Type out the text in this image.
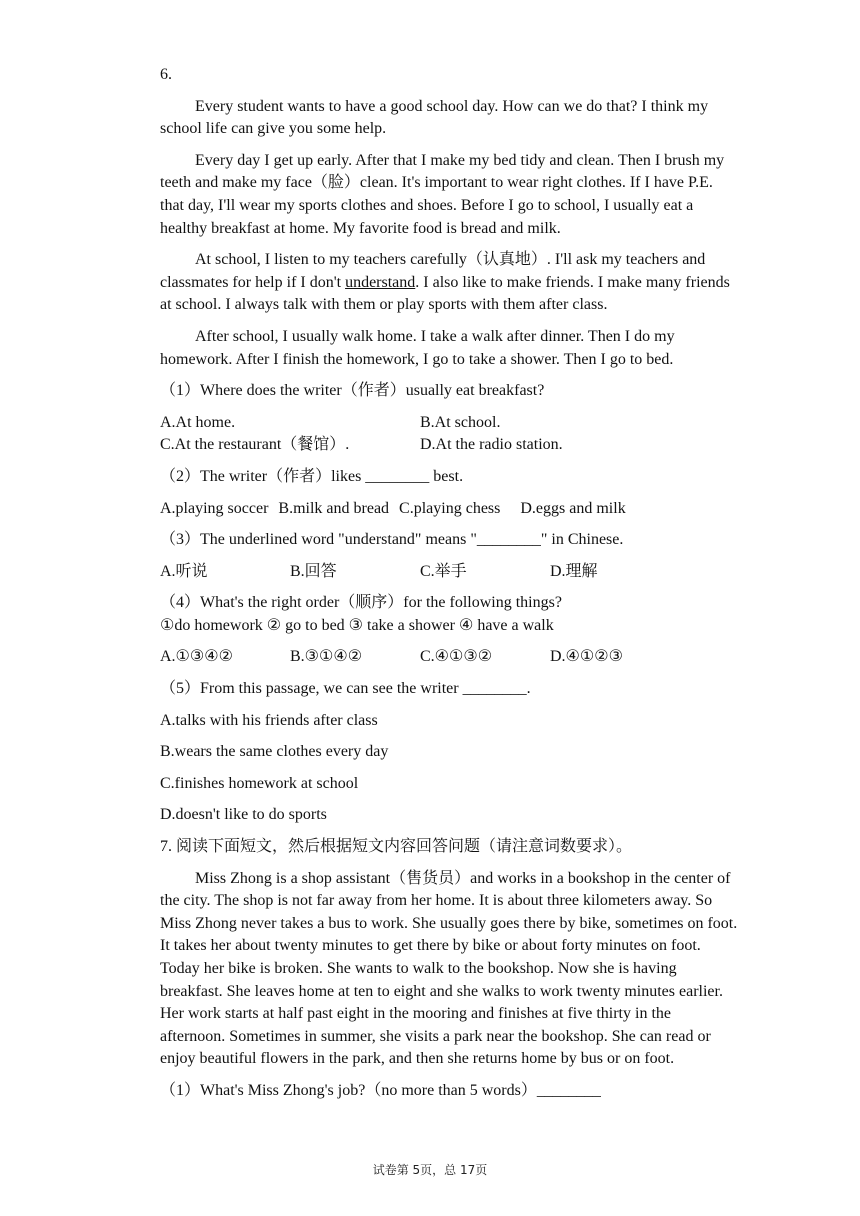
6.
Every student wants to have a good school day. How can we do that? I think my school life can give you some help.
Every day I get up early. After that I make my bed tidy and clean. Then I brush my teeth and make my face（脸）clean. It's important to wear right clothes. If I have P.E. that day, I'll wear my sports clothes and shoes. Before I go to school, I usually eat a healthy breakfast at home. My favorite food is bread and milk.
At school, I listen to my teachers carefully（认真地）. I'll ask my teachers and classmates for help if I don't understand. I also like to make friends. I make many friends at school. I always talk with them or play sports with them after class.
After school, I usually walk home. I take a walk after dinner. Then I do my homework. After I finish the homework, I go to take a shower. Then I go to bed.
（1）Where does the writer（作者）usually eat breakfast?
A.At home.	B.At school.
C.At the restaurant（餐馆）.	D.At the radio station.
（2）The writer（作者）likes ________ best.
A.playing soccer B.milk and bread C.playing chess D.eggs and milk
（3）The underlined word "understand" means "________" in Chinese.
A.听说	B.回答	C.举手	D.理解
（4）What's the right order（顺序）for the following things?
①do homework ② go to bed ③ take a shower ④ have a walk
A.①③④②	B.③①④②	C.④①③②	D.④①②③
（5）From this passage, we can see the writer ________.
A.talks with his friends after class
B.wears the same clothes every day
C.finishes homework at school
D.doesn't like to do sports
7. 阅读下面短文，然后根据短文内容回答问题（请注意词数要求）。
Miss Zhong is a shop assistant（售货员）and works in a bookshop in the center of the city. The shop is not far away from her home. It is about three kilometers away. So Miss Zhong never takes a bus to work. She usually goes there by bike, sometimes on foot. It takes her about twenty minutes to get there by bike or about forty minutes on foot. Today her bike is broken. She wants to walk to the bookshop. Now she is having breakfast. She leaves home at ten to eight and she walks to work twenty minutes earlier. Her work starts at half past eight in the mooring and finishes at five thirty in the afternoon. Sometimes in summer, she visits a park near the bookshop. She can read or enjoy beautiful flowers in the park, and then she returns home by bus or on foot.
（1）What's Miss Zhong's job?（no more than 5 words）________
试卷第 5页，总 17页
